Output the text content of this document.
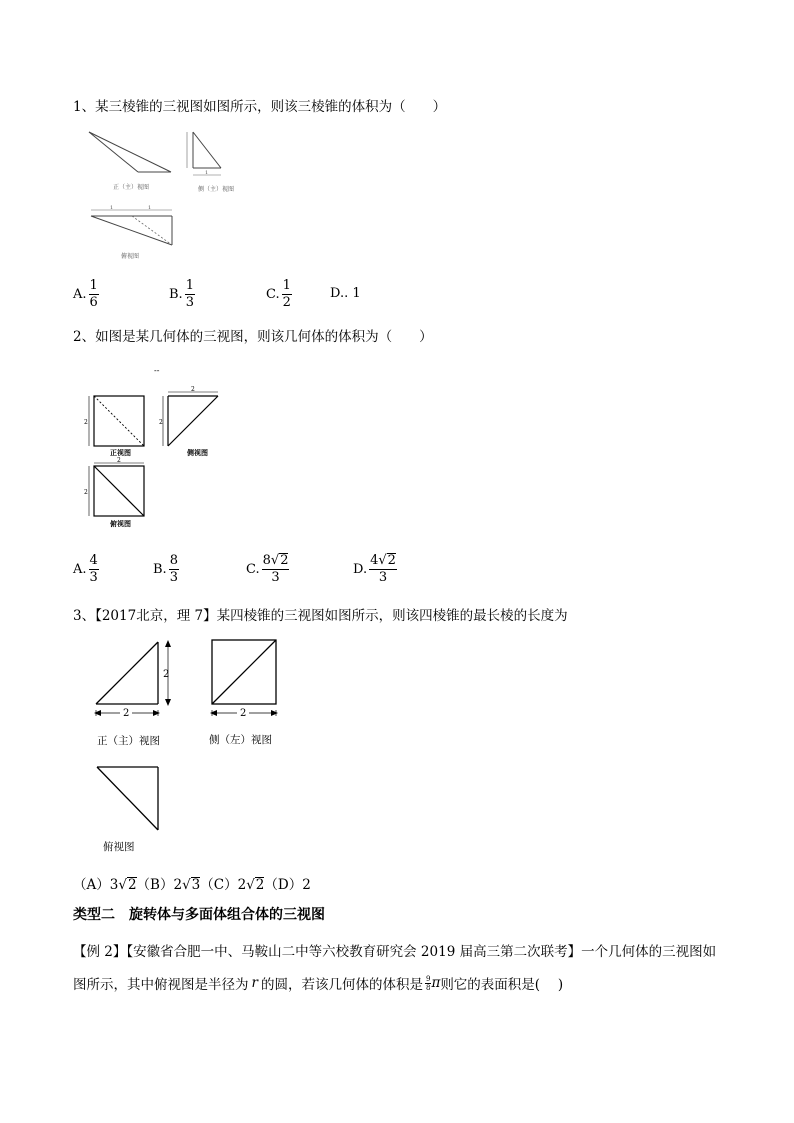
1、某三棱锥的三视图如图所示，则该三棱锥的体积为（　　）
1
1	1
正（主）视图	侧（主）视图
俯视图
A. $\frac{1}{6}$	B. $\frac{1}{3}$	C. $\frac{1}{2}$	D..
1
2、如图是某几何体的三视图，则该几何体的体积为（　　）
--
2
2
2
2
2
正视图	侧视图
俯视图
A. $\frac{4}{3}$	B. $\frac{8}{3}$	C. $\frac{8√2}{3}$	D. $\frac{4√2}{3}$
3、【2017北京，理 7】某四棱锥的三视图如图所示，则该四棱锥的最长棱的长度为
2
2	2
正（主）视图	侧（左）视图
俯视图
（A）3√2 （B）2√3 （C）2√2 （D）2
类型二　旋转体与多面体组合体的三视图
【例 2】【安徽省合肥一中、马鞍山二中等六校教育研究会 2019 届高三第二次联考】一个几何体的三视图如
图所示，其中俯视图是半径为 r 的圆，若该几何体的体积是 $\frac{9}{8}$ π 则它的表面积是(　 )
